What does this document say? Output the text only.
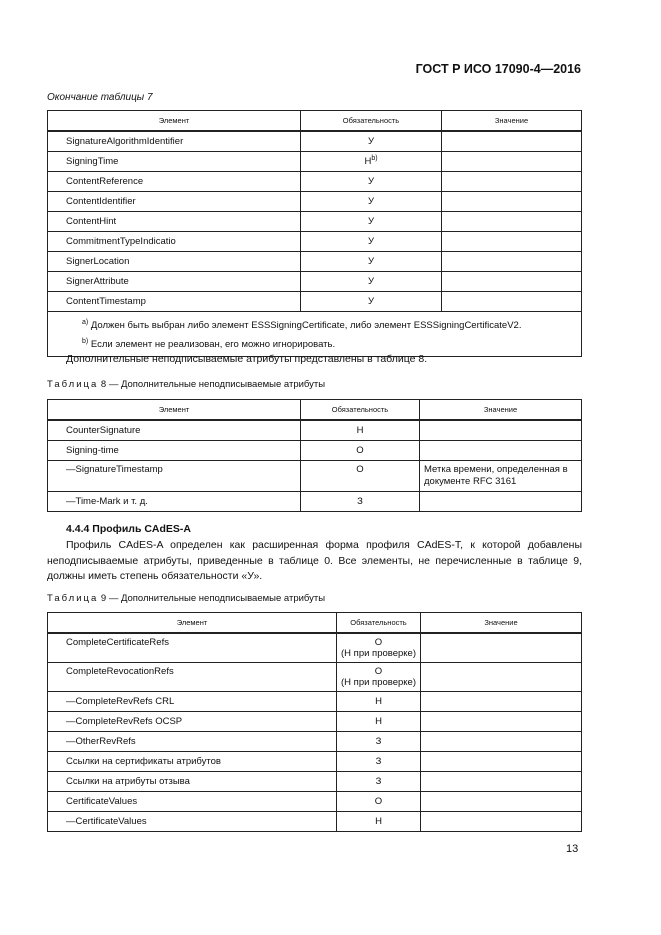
ГОСТ Р ИСО 17090-4—2016
Окончание таблицы 7
Элемент	Обязательность	Значение
SignatureAlgorithmIdentifier	У	
SigningTime	$Н^{b)}$	
ContentReference	У	
ContentIdentifier	У	
ContentHint	У	
CommitmentTypeIndicatio	У	
SignerLocation	У	
SignerAttribute	У	
ContentTimestamp	У	

$^{a)}$ Должен быть выбран либо элемент ESSSigningCertificate, либо элемент ESSSigningCertificateV2.
$^{b)}$ Если элемент не реализован, его можно игнорировать.		
Дополнительные неподписываемые атрибуты представлены в таблице 8.
Таблица 8 — Дополнительные неподписываемые атрибуты
Элемент	Обязательность	Значение
CounterSignature	Н	
Signing-time	О	
—SignatureTimestamp	О	Метка времени, определенная в документе RFC 3161
—Time-Mark и т. д.	З	
4.4.4 Профиль CAdES-A
Профиль CAdES-A определен как расширенная форма профиля CAdES-T, к которой добавлены неподписываемые атрибуты, приведенные в таблице 0. Все элементы, не перечисленные в таблице 9, должны иметь степень обязательности «У».
Таблица 9 — Дополнительные неподписываемые атрибуты
Элемент	Обязательность	Значение
CompleteCertificateRefs	О
(Н при проверке)	
CompleteRevocationRefs	О
(Н при проверке)	
—CompleteRevRefs CRL	Н	
—CompleteRevRefs OCSP	Н	
—OtherRevRefs	З	
Ссылки на сертификаты атрибутов	З	
Ссылки на атрибуты отзыва	З	
CertificateValues	О	
—CertificateValues	Н	
13
